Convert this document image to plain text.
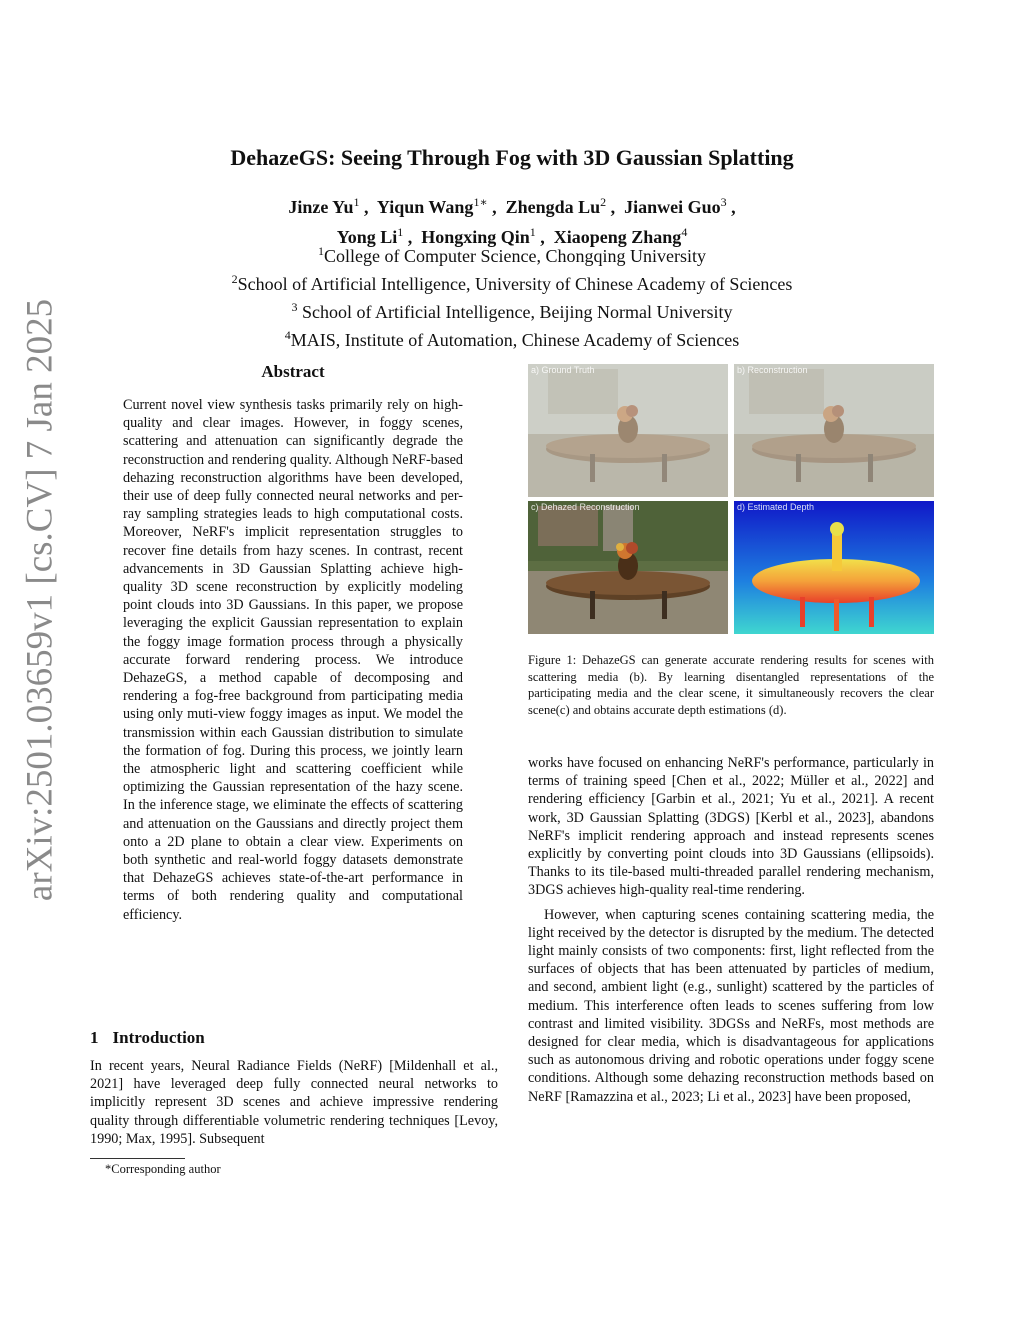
arXiv:2501.03659v1 [cs.CV] 7 Jan 2025
DehazeGS: Seeing Through Fog with 3D Gaussian Splatting
Jinze Yu$^1$ ,  Yiqun Wang$^{1∗}$ ,  Zhengda Lu$^2$ ,  Jianwei Guo$^3$ ,
Yong Li$^1$ ,  Hongxing Qin$^1$ ,  Xiaopeng Zhang$^4$
$^1$College of Computer Science, Chongqing University
$^2$School of Artificial Intelligence, University of Chinese Academy of Sciences
$^3$ School of Artificial Intelligence, Beijing Normal University
$^4$MAIS, Institute of Automation, Chinese Academy of Sciences
Abstract

Current novel view synthesis tasks primarily rely on high-quality and clear images. However, in foggy scenes, scattering and attenuation can significantly degrade the reconstruction and rendering quality. Although NeRF-based dehazing reconstruction algorithms have been developed, their use of deep fully connected neural networks and per-ray sampling strategies leads to high computational costs. Moreover, NeRF's implicit representation struggles to recover fine details from hazy scenes. In contrast, recent advancements in 3D Gaussian Splatting achieve high-quality 3D scene reconstruction by explicitly modeling point clouds into 3D Gaussians. In this paper, we propose leveraging the explicit Gaussian representation to explain the foggy image formation process through a physically accurate forward rendering process. We introduce DehazeGS, a method capable of decomposing and rendering a fog-free background from participating media using only muti-view foggy images as input. We model the transmission within each Gaussian distribution to simulate the formation of fog. During this process, we jointly learn the atmospheric light and scattering coefficient while optimizing the Gaussian representation of the hazy scene. In the inference stage, we eliminate the effects of scattering and attenuation on the Gaussians and directly project them onto a 2D plane to obtain a clear view. Experiments on both synthetic and real-world foggy datasets demonstrate that DehazeGS achieves state-of-the-art performance in terms of both rendering quality and computational efficiency.

1 Introduction

In recent years, Neural Radiance Fields (NeRF) [Mildenhall et al., 2021] have leveraged deep fully connected neural networks to implicitly represent 3D scenes and achieve impressive rendering quality through differentiable volumetric rendering techniques [Levoy, 1990; Max, 1995]. Subsequent

*Corresponding author
a) Ground Truth	b) Reconstruction
c) Dehazed Reconstruction	d) Estimated Depth
Figure 1: DehazeGS can generate accurate rendering results for scenes with scattering media (b). By learning disentangled representations of the participating media and the clear scene, it simultaneously recovers the clear scene(c) and obtains accurate depth estimations (d).

works have focused on enhancing NeRF's performance, particularly in terms of training speed [Chen et al., 2022; Müller et al., 2022] and rendering efficiency [Garbin et al., 2021; Yu et al., 2021]. A recent work, 3D Gaussian Splatting (3DGS) [Kerbl et al., 2023], abandons NeRF's implicit rendering approach and instead represents scenes explicitly by converting point clouds into 3D Gaussians (ellipsoids). Thanks to its tile-based multi-threaded parallel rendering mechanism, 3DGS achieves high-quality real-time rendering.

However, when capturing scenes containing scattering media, the light received by the detector is disrupted by the medium. The detected light mainly consists of two components: first, light reflected from the surfaces of objects that has been attenuated by particles of medium, and second, ambient light (e.g., sunlight) scattered by the particles of medium. This interference often leads to scenes suffering from low contrast and limited visibility. 3DGSs and NeRFs, most methods are designed for clear media, which is disadvantageous for applications such as autonomous driving and robotic operations under foggy scene conditions. Although some dehazing reconstruction methods based on NeRF [Ramazzina et al., 2023; Li et al., 2023] have been proposed,
